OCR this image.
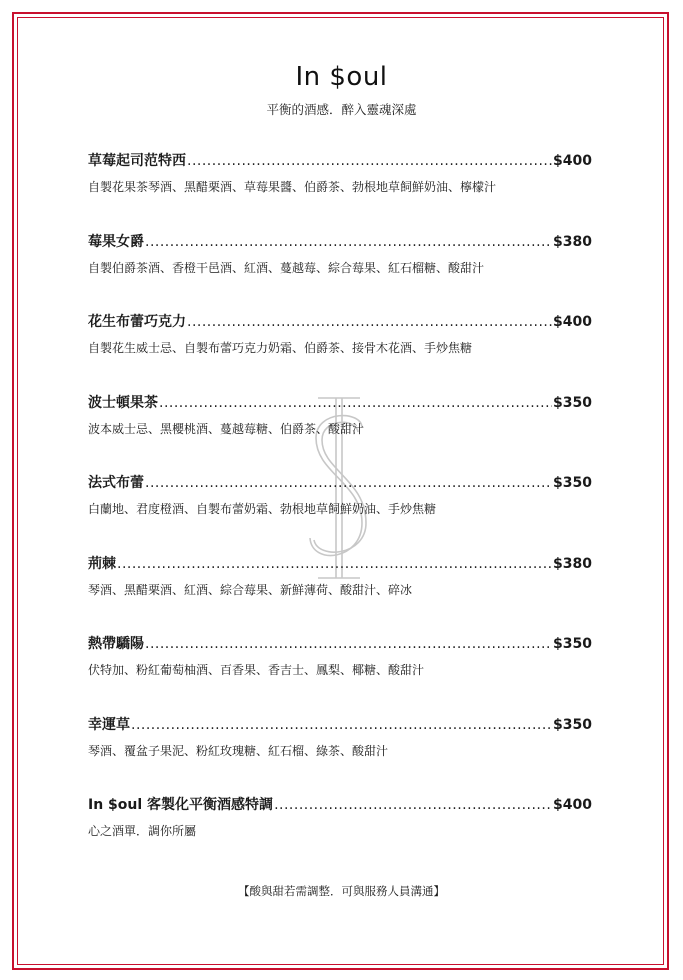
In $oul
平衡的酒感．醉入靈魂深處
草莓起司范特西 .....	$400
自製花果茶琴酒、黑醋栗酒、草莓果醬、伯爵茶、勃根地草飼鮮奶油、檸檬汁
莓果女爵 .....	$380
自製伯爵茶酒、香橙干邑酒、紅酒、蔓越莓、綜合莓果、紅石榴糖、酸甜汁
花生布蕾巧克力 .....	$400
自製花生威士忌、自製布蕾巧克力奶霜、伯爵茶、接骨木花酒、手炒焦糖
波士頓果茶 .....	$350
波本威士忌、黑櫻桃酒、蔓越莓糖、伯爵茶、酸甜汁
法式布蕾 .....	$350
白蘭地、君度橙酒、自製布蕾奶霜、勃根地草飼鮮奶油、手炒焦糖
荊棘 .....	$380
琴酒、黑醋栗酒、紅酒、綜合莓果、新鮮薄荷、酸甜汁、碎冰
熱帶驕陽 .....	$350
伏特加、粉紅葡萄柚酒、百香果、香吉士、鳳梨、椰糖、酸甜汁
幸運草 .....	$350
琴酒、覆盆子果泥、粉紅玫瑰糖、紅石榴、綠茶、酸甜汁
In $oul 客製化平衡酒感特調 .....	$400
心之酒單．調你所屬
【酸與甜若需調整．可與服務人員溝通】
